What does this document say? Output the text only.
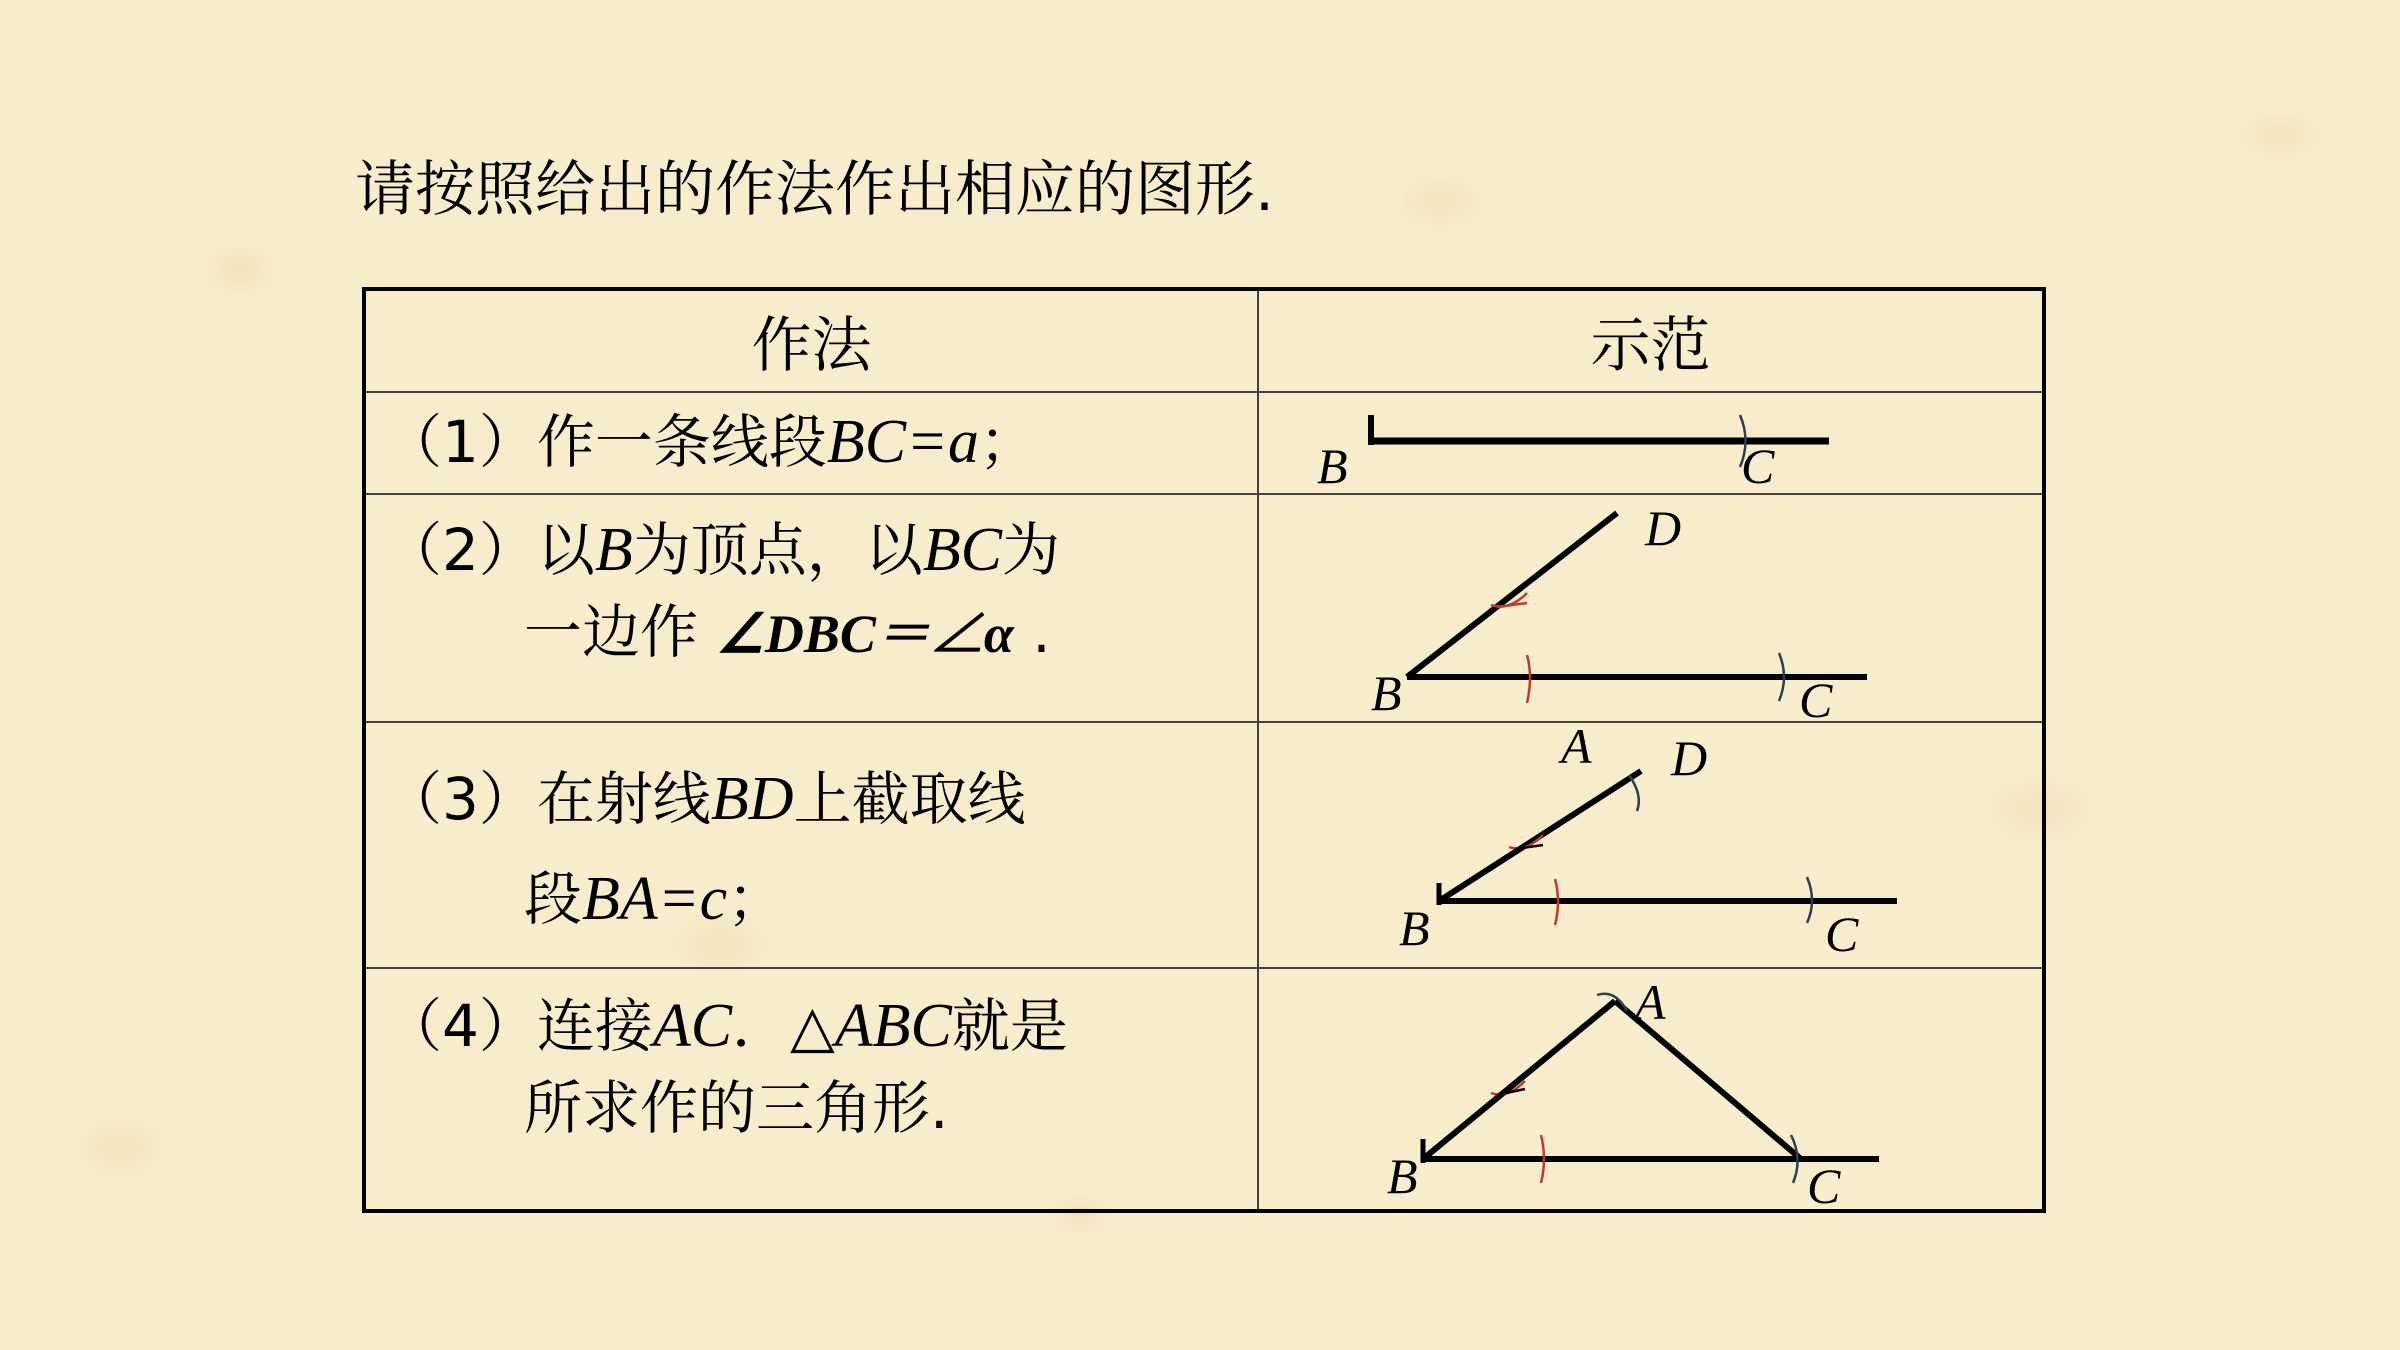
请按照给出的作法作出相应的图形.
作法	示范

（1）作一条线段BC=a；	B C

（2）以B为顶点，以BC为
一边作 ∠DBC＝∠α .	B C
D

（3）在射线BD上截取线
段BA=c；	B C
A D

（4）连接AC．△ABC就是
所求作的三角形.	B C
A
